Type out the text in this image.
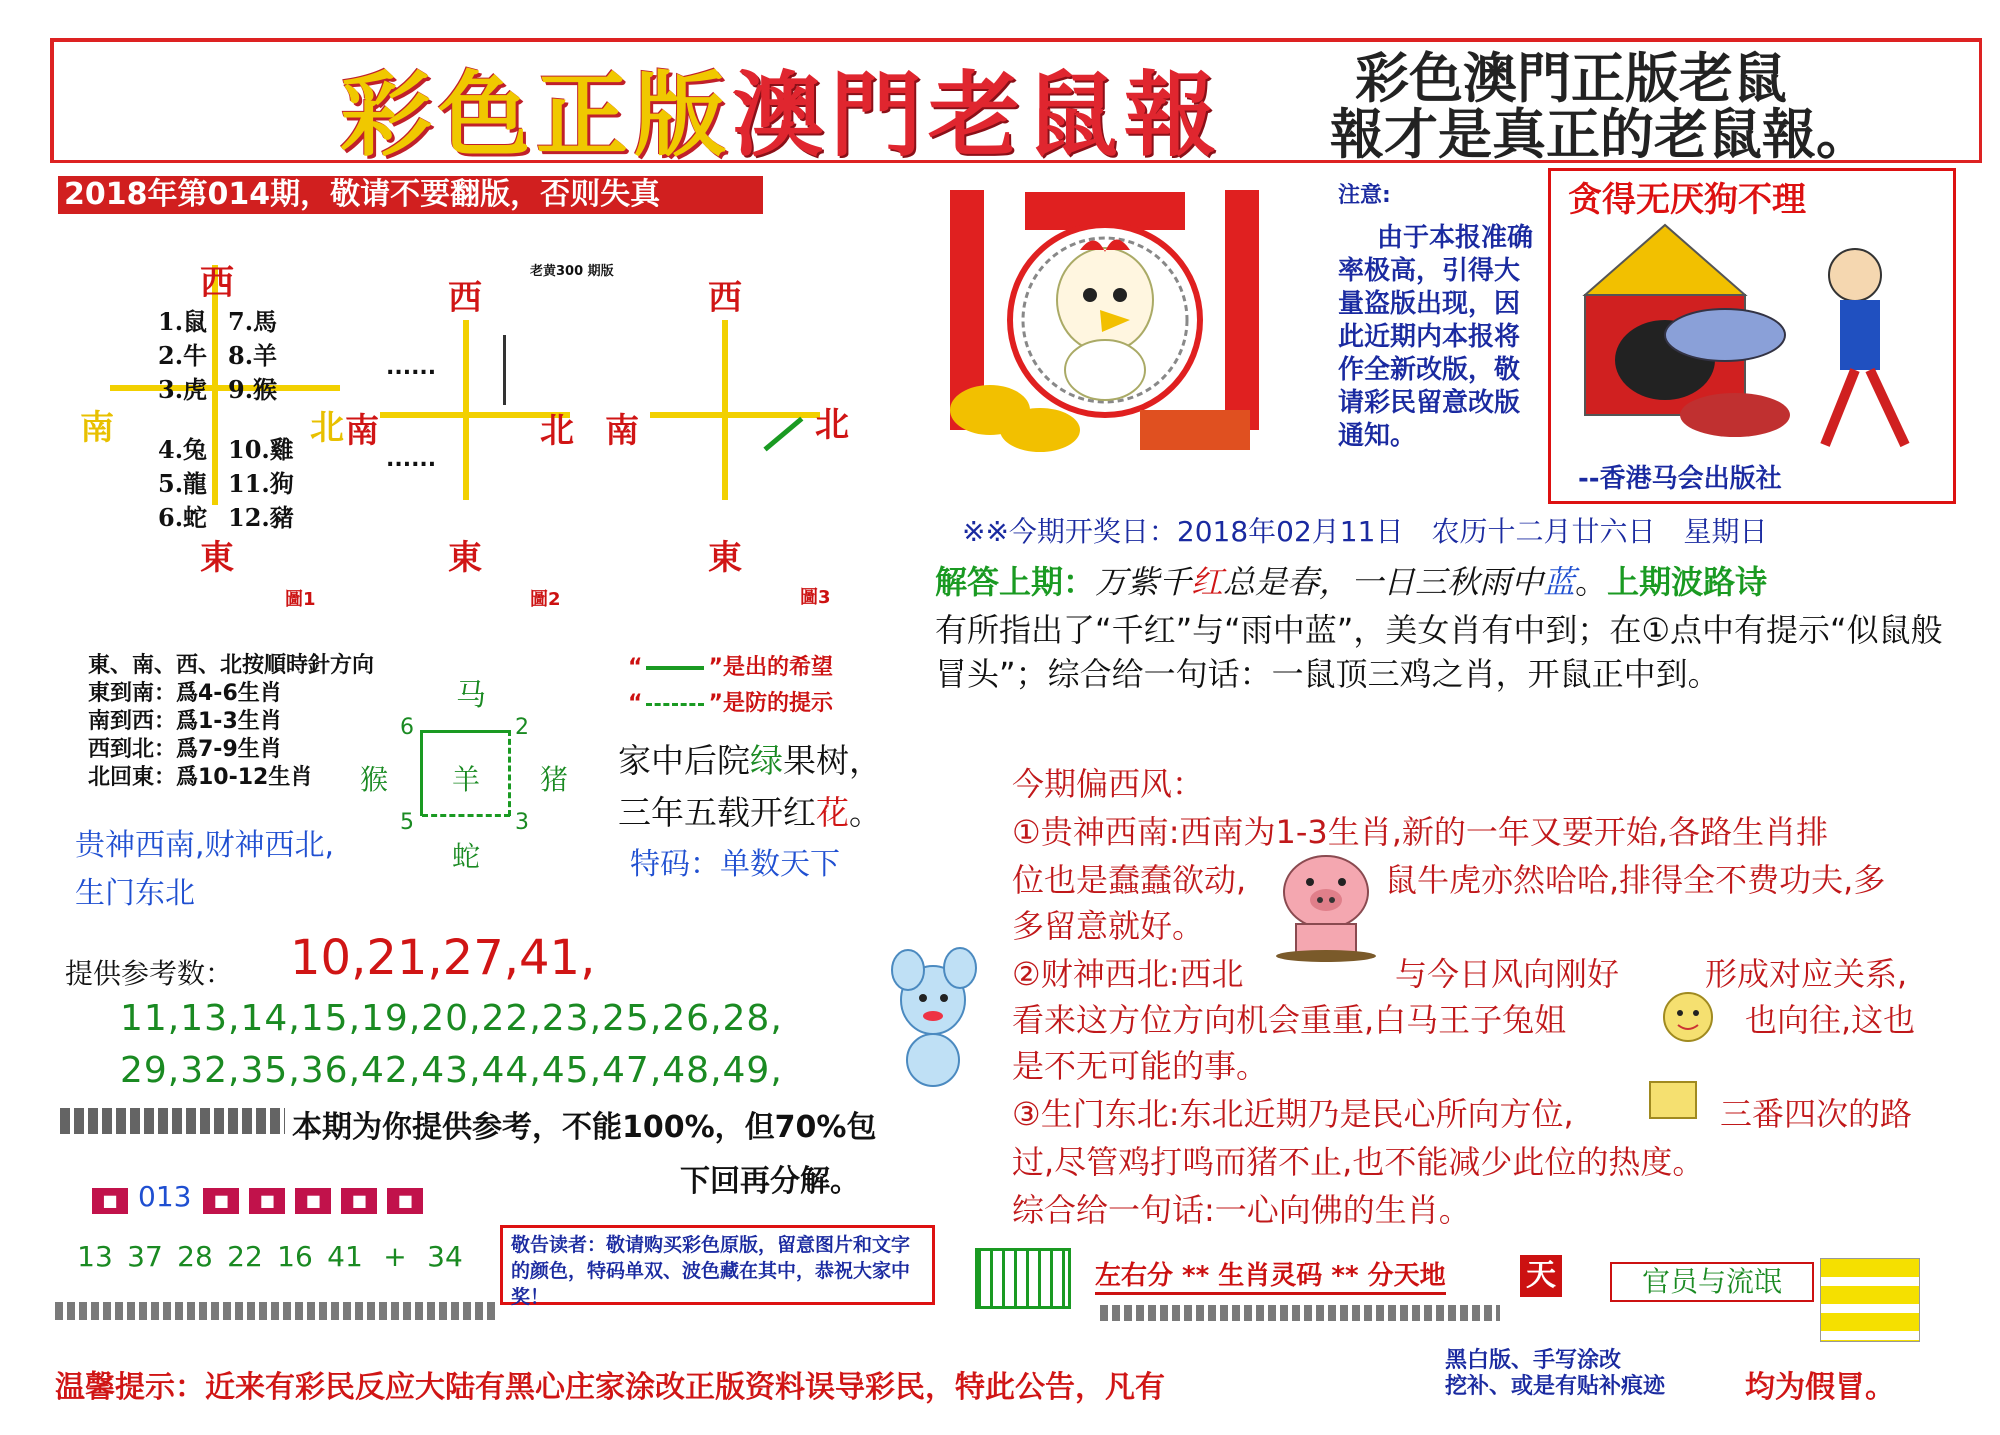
彩色正版澳門老鼠報 彩色澳門正版老鼠
報才是真正的老鼠報。
2018年第014期，敬请不要翻版，否则失真
西
東
南	北
1.鼠
2.牛
3.虎
4.兔
5.龍
6.蛇
7.馬
8.羊
9.猴
10.雞
11.狗
12.豬
圖1
老黄300 期版
......
......
西
東
南	北
圖2
西
東
南	北
圖3
東、南、西、北按順時針方向
東到南：爲4-6生肖
南到西：爲1-3生肖
西到北：爲7-9生肖
北回東：爲10-12生肖
“	”是出的希望
“	”是防的提示
马
6	2
5	3
羊
猴	猪
蛇
家中后院绿果树，
三年五载开红花。
特码：单数天下
贵神西南,财神西北,
生门东北
提供参考数： 10,21,27,41,
11,13,14,15,19,20,22,23,25,26,28,
29,32,35,36,42,43,44,45,47,48,49,
本期为你提供参考，不能100%，但70%包
下回再分解。
■ 013 ■ ■ ■ ■ ■
13 37 28 22 16 41 + 34	敬告读者：敬请购买彩色原版，留意图片和文字的颜色，特码单双、波色藏在其中，恭祝大家中奖！
左右分 ** 生肖灵码 ** 分天地	天	官员与流氓
注意:
由于本报准确率极高，引得大量盗版出现，因此近期内本报将作全新改版，敬请彩民留意改版通知。
贪得无厌狗不理
--香港马会出版社
※※今期开奖日：2018年02月11日　农历十二月廿六日　星期日
解答上期：万紫千红总是春，一日三秋雨中蓝。上期波路诗
有所指出了“千红”与“雨中蓝”，美女肖有中到；在①点中有提示“似鼠般冒头”；综合给一句话：一鼠顶三鸡之肖，开鼠正中到。
今期偏西风：
①贵神西南:西南为1-3生肖,新的一年又要开始,各路生肖排
位也是蠢蠢欲动,	鼠牛虎亦然哈哈,排得全不费功夫,多
多留意就好。
②财神西北:西北	与今日风向刚好	形成对应关系,
看来这方位方向机会重重,白马王子兔姐	也向往,这也
是不无可能的事。
③生门东北:东北近期乃是民心所向方位,	三番四次的路
过,尽管鸡打鸣而猪不止,也不能减少此位的热度。
综合给一句话:一心向佛的生肖。
温馨提示：近来有彩民反应大陆有黑心庄家涂改正版资料误导彩民，特此公告，凡有
黑白版、手写涂改
挖补、或是有贴补痕迹	均为假冒。
